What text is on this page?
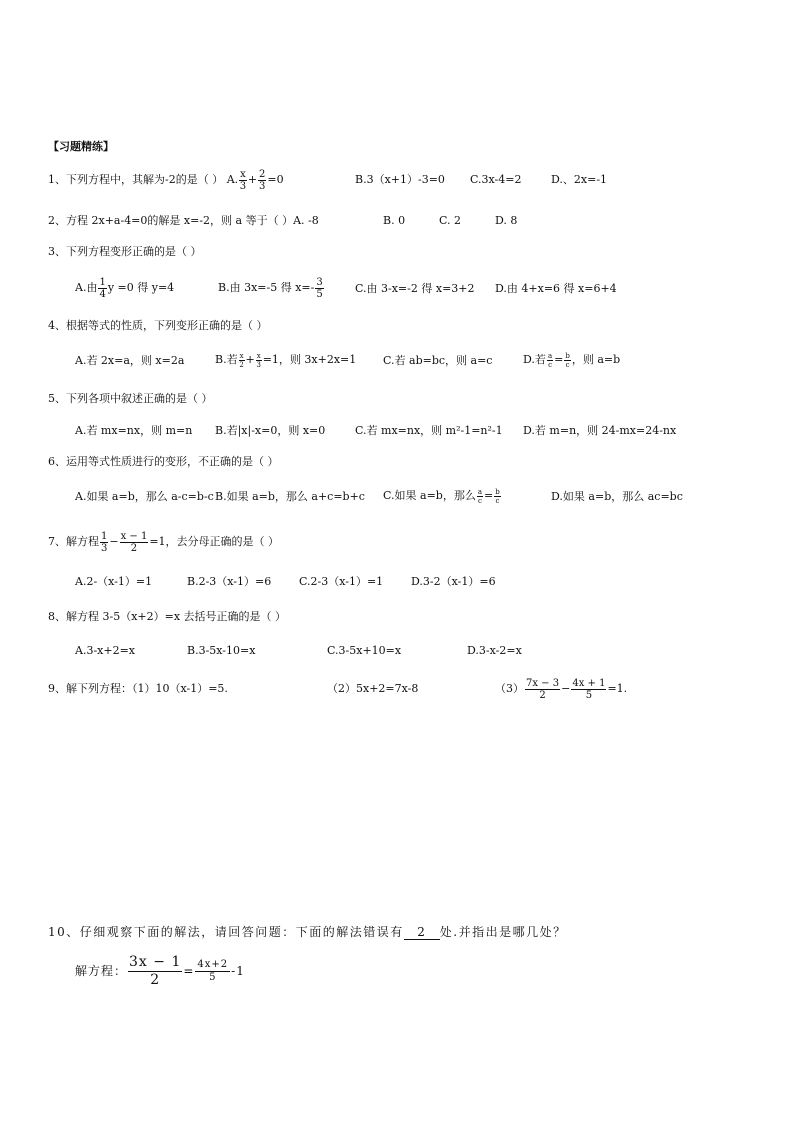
【习题精练】
1、下列方程中，其解为-2的是（ ） A. $\frac{x}{3} + \frac{2}{3} =0$	B.3（x+1）-3=0 C.3x-4=2	D.、2x=-1
2、方程 2x+a-4=0的解是 x=-2，则 a 等于（ ）A. -8	B. 0	C. 2	D. 8
3、下列方程变形正确的是（ ）
A.由 $\frac{1}{4}$ y =0 得 y=4	B.由 3x=-5 得 $x=- \frac{3}{5}$	C.由 3-x=-2 得 x=3+2 D.由 4+x=6 得 x=6+4
4、根据等式的性质，下列变形正确的是（ ）
A.若 2x=a，则 x=2a	B.若 $\frac{x}{2} + \frac{x}{3} =1$，则 3x+2x=1 C.若 ab=bc，则 a=c	D.若 $\frac{a}{c} = \frac{b}{c}$ ，则 a=b
5、下列各项中叙述正确的是（ ）
A.若 mx=nx，则 m=n B.若|x|-x=0，则 x=0	C.若 mx=nx，则 m²-1=n²-1 D.若 m=n，则 24-mx=24-nx
6、运用等式性质进行的变形，不正确的是（ ）
A.如果 a=b，那么 a-c=b-c B.如果 a=b，那么 a+c=b+c C.如果 a=b，那么 $\frac{a}{c} = \frac{b}{c}$	D.如果 a=b，那么 ac=bc
7、解方程 $\frac{1}{3} - \frac{x - 1}{2} =1$，去分母正确的是（ ）
A.2-（x-1）=1	B.2-3（x-1）=6	C.2-3（x-1）=1	D.3-2（x-1）=6
8、解方程 3-5（x+2）=x 去括号正确的是（ ）
A.3-x+2=x	B.3-5x-10=x	C.3-5x+10=x	D.3-x-2=x
9、解下列方程：（1）10（x-1）=5.	（2）5x+2=7x-8	$(3) \frac{7x - 3}{2} - \frac{4x + 1}{5} =1$.
10、仔细观察下面的解法，请回答问题：下面的解法错误有 2 处.并指出是哪几处？
解方程： $\frac{3x - 1}{2} = \frac{4x+2}{5} -1$
